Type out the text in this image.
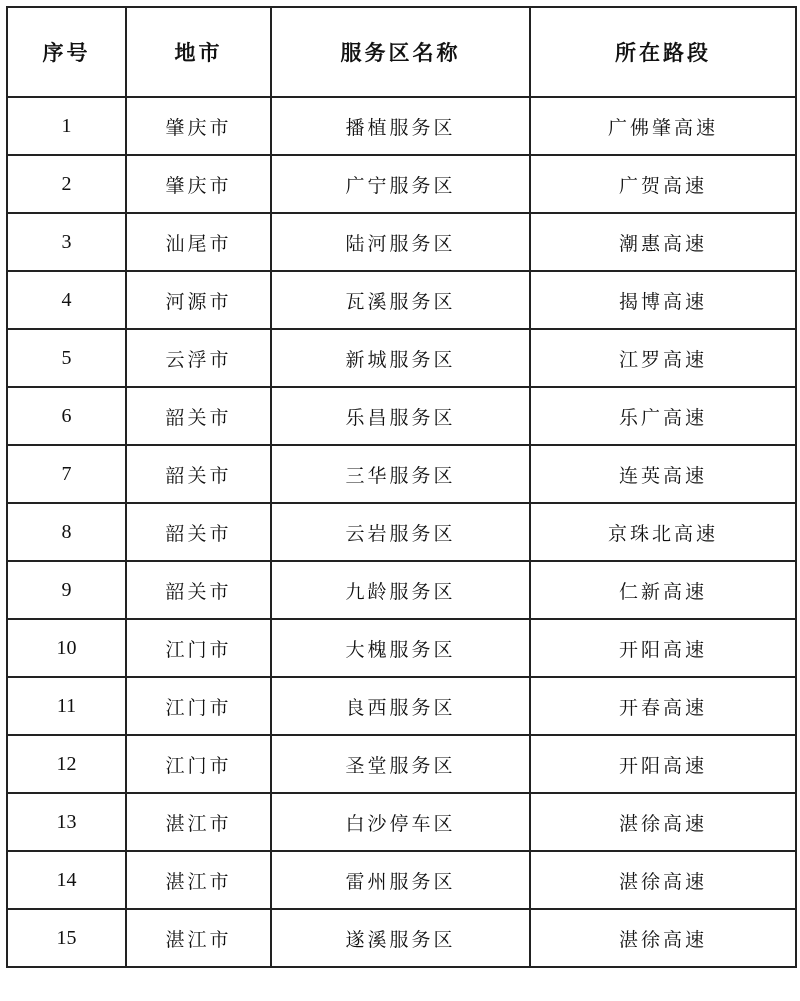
序号	地市	服务区名称	所在路段
1	肇庆市	播植服务区	广佛肇高速
2	肇庆市	广宁服务区	广贺高速
3	汕尾市	陆河服务区	潮惠高速
4	河源市	瓦溪服务区	揭博高速
5	云浮市	新城服务区	江罗高速
6	韶关市	乐昌服务区	乐广高速
7	韶关市	三华服务区	连英高速
8	韶关市	云岩服务区	京珠北高速
9	韶关市	九龄服务区	仁新高速
10	江门市	大槐服务区	开阳高速
11	江门市	良西服务区	开春高速
12	江门市	圣堂服务区	开阳高速
13	湛江市	白沙停车区	湛徐高速
14	湛江市	雷州服务区	湛徐高速
15	湛江市	遂溪服务区	湛徐高速
